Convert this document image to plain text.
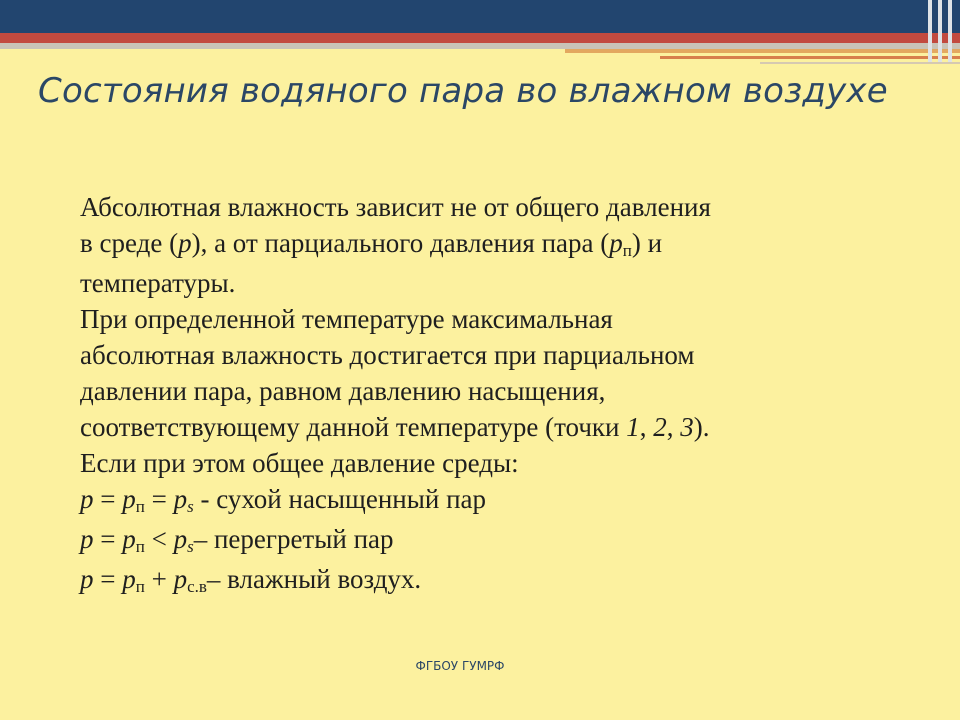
Состояния водяного пара во влажном воздухе
Абсолютная влажность зависит не от общего давления
в среде (p), а от парциального давления пара (pп) и
температуры.
При определенной температуре максимальная
абсолютная влажность достигается при парциальном
давлении пара, равном давлению насыщения,
соответствующему данной температуре (точки 1, 2, 3).
Если при этом общее давление среды:
p = pп = ps - сухой насыщенный пар
p = pп < ps– перегретый пар
p = pп + pс.в– влажный воздух.
ФГБОУ ГУМРФ
